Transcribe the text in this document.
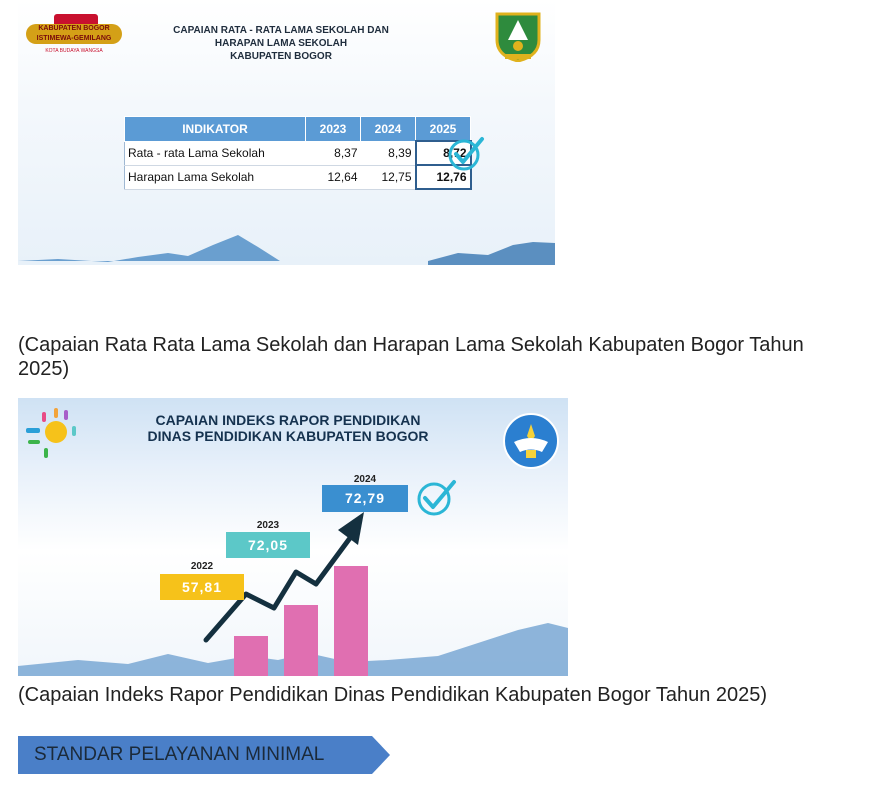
KABUPATEN BOGOR
ISTIMEWA-GEMILANG
KOTA BUDAYA WANGSA
CAPAIAN RATA - RATA LAMA SEKOLAH DAN
HARAPAN LAMA SEKOLAH
KABUPATEN BOGOR
INDIKATOR	2023	2024	2025
Rata - rata Lama Sekolah	8,37	8,39	8,72
Harapan Lama Sekolah	12,64	12,75	12,76
(Capaian Rata Rata Lama Sekolah dan Harapan Lama Sekolah Kabupaten Bogor Tahun 2025)
CAPAIAN INDEKS RAPOR PENDIDIKAN
DINAS PENDIDIKAN KABUPATEN BOGOR
2022
57,81
2023
72,05
2024
72,79
(Capaian Indeks Rapor Pendidikan Dinas Pendidikan Kabupaten Bogor Tahun 2025)
STANDAR PELAYANAN MINIMAL
